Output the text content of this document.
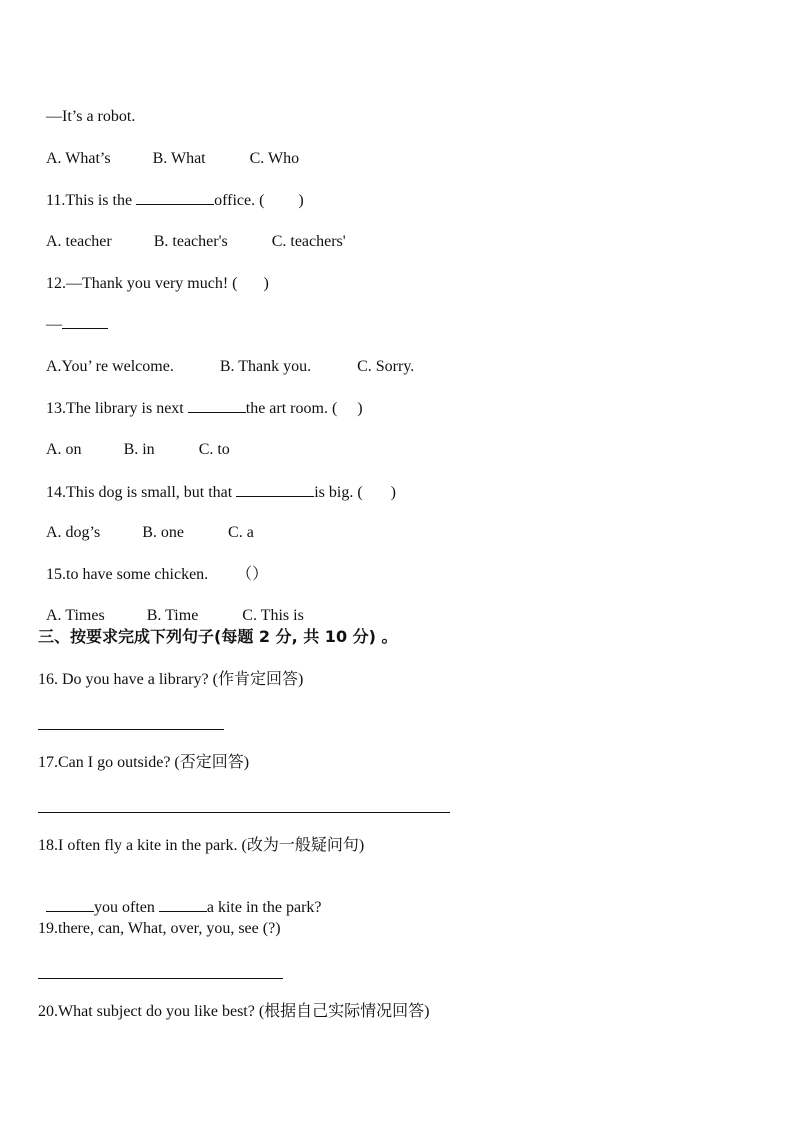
—It’s a robot.

A. What’s	B. What	C. Who

11.This is the	office. ( )

A. teacher	B. teacher's	C. teachers'

12.—Thank you very much! ( )

—

A.You’ re welcome.	B. Thank you.	C. Sorry.

13.The library is next	the art room. ( )

A. on	B. in	C. to

14.This dog is small, but that	is big. ( )

A. dog’s	B. one	C. a

15.to have some chicken. （）

A. Times	B. Time	C. This is

三、按要求完成下列句子(每题 2 分, 共 10 分) 。
16. Do you have a library? (作肯定回答)
17.Can I go outside? (否定回答)
18.I often fly a kite in the park. (改为一般疑问句)

you often	a kite in the park?

19.there, can, What, over, you, see (?)
20.What subject do you like best? (根据自己实际情况回答)
